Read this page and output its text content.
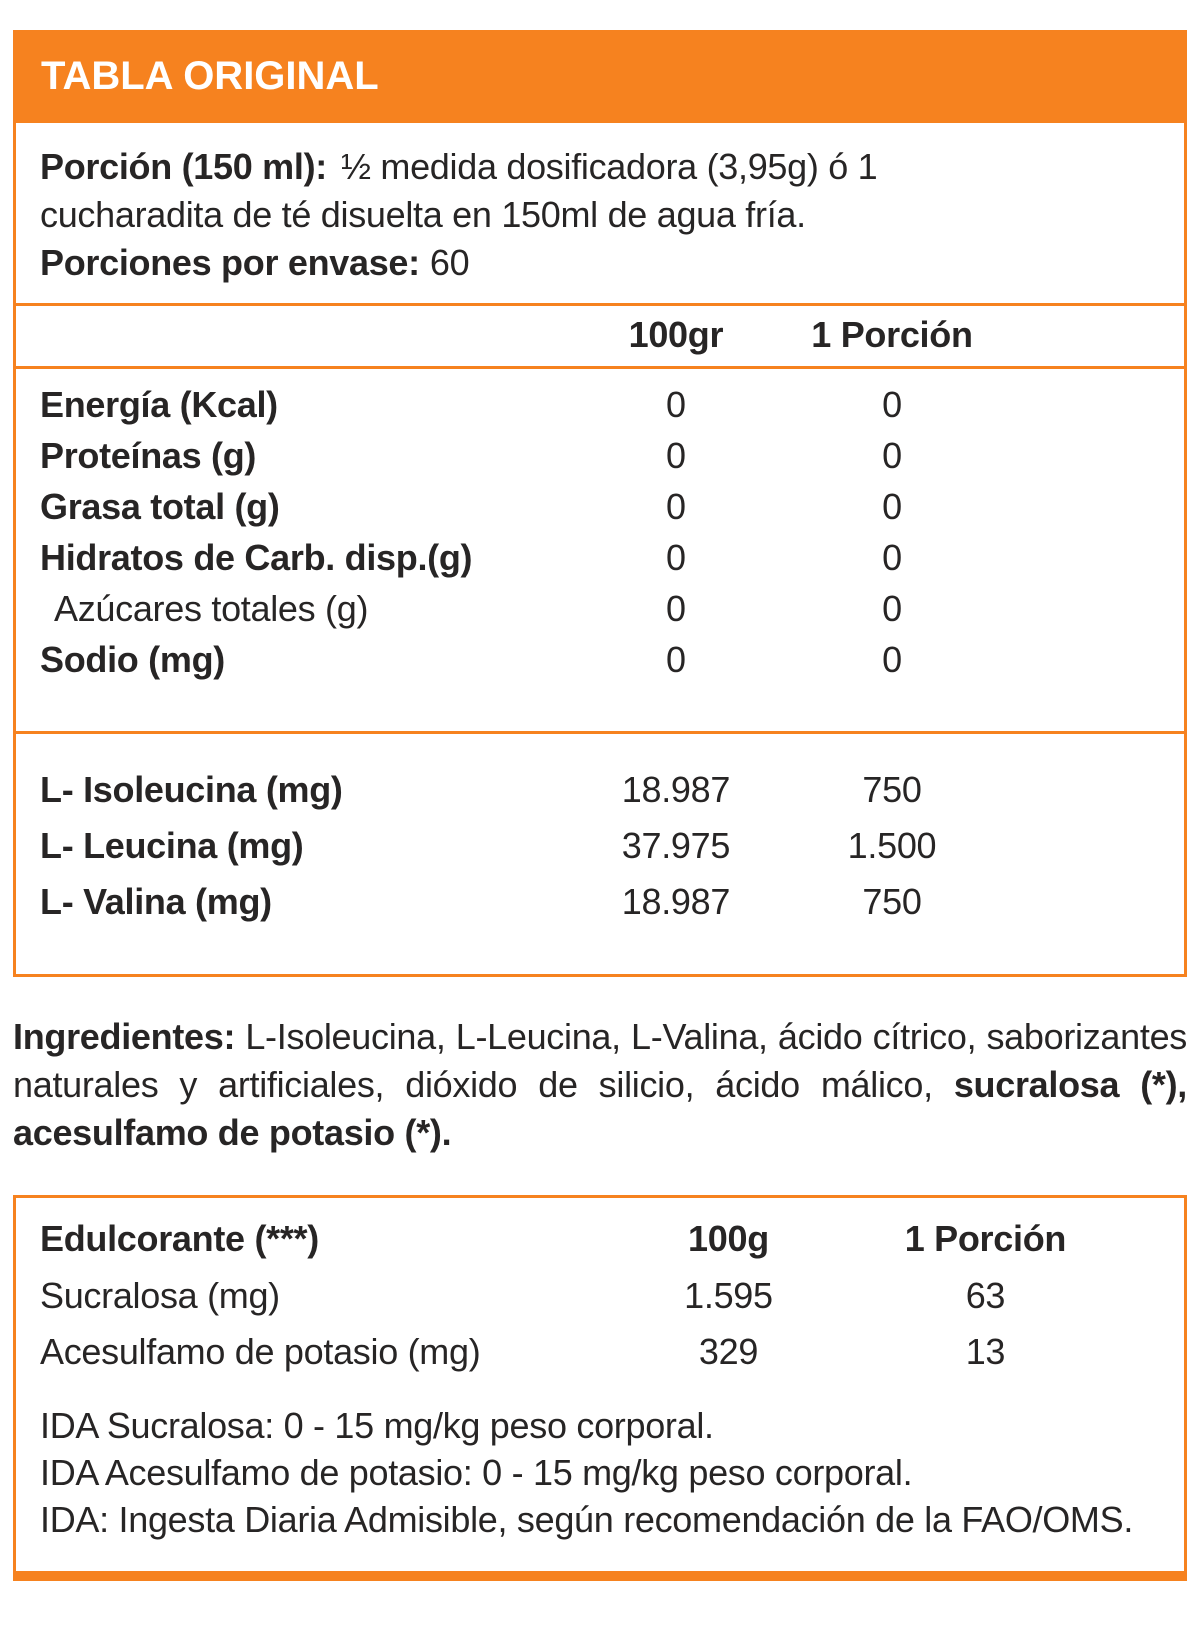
TABLA ORIGINAL
Porción (150 ml): ½ medida dosificadora (3,95g) ó 1 cucharadita de té disuelta en 150ml de agua fría.
Porciones por envase: 60
100gr	1 Porción
Energía (Kcal)	0	0
Proteínas (g)	0	0
Grasa total (g)	0	0
Hidratos de Carb. disp.(g)	0	0
Azúcares totales (g)	0	0
Sodio (mg)	0	0
L- Isoleucina (mg)	18.987	750
L- Leucina (mg)	37.975	1.500
L- Valina (mg)	18.987	750

Ingredientes: L-Isoleucina, L-Leucina, L-Valina, ácido cítrico, saborizantes naturales y artificiales, dióxido de silicio, ácido málico, sucralosa (*), acesulfamo de potasio (*).

Edulcorante (***)	100g	1 Porción
Sucralosa (mg)	1.595	63
Acesulfamo de potasio (mg)	329	13
IDA Sucralosa: 0 - 15 mg/kg peso corporal.
IDA Acesulfamo de potasio: 0 - 15 mg/kg peso corporal.
IDA: Ingesta Diaria Admisible, según recomendación de la FAO/OMS.
